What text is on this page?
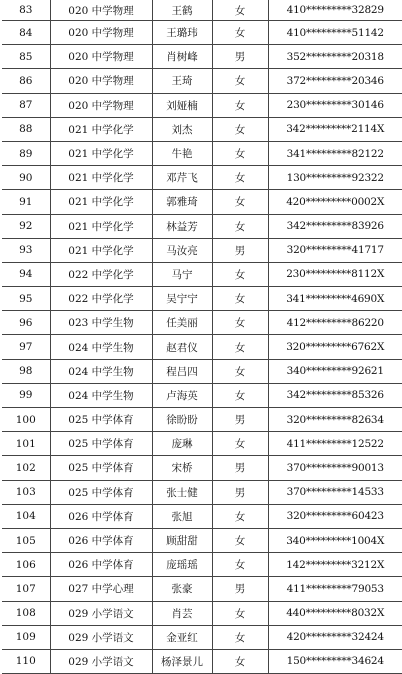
83	020 中学物理	王鹤	女	410*********32829
84	020 中学物理	王璐玮	女	410*********51142
85	020 中学物理	肖树峰	男	352*********20318
86	020 中学物理	王琦	女	372*********20346
87	020 中学物理	刘娅楠	女	230*********30146
88	021 中学化学	刘杰	女	342*********2114X
89	021 中学化学	牛艳	女	341*********82122
90	021 中学化学	邓芹飞	女	130*********92322
91	021 中学化学	郭雅琦	女	420*********0002X
92	021 中学化学	林益芳	女	342*********83926
93	021 中学化学	马汝亮	男	320*********41717
94	022 中学化学	马宁	女	230*********8112X
95	022 中学化学	吴宁宁	女	341*********4690X
96	023 中学生物	任美丽	女	412*********86220
97	024 中学生物	赵君仪	女	320*********6762X
98	024 中学生物	程吕四	女	340*********92621
99	024 中学生物	卢海英	女	342*********85326
100	025 中学体育	徐盼盼	男	320*********82634
101	025 中学体育	庞琳	女	411*********12522
102	025 中学体育	宋桥	男	370*********90013
103	025 中学体育	张士健	男	370*********14533
104	026 中学体育	张旭	女	320*********60423
105	026 中学体育	顾甜甜	女	340*********1004X
106	026 中学体育	庞瑶瑶	女	142*********3212X
107	027 中学心理	张豪	男	411*********79053
108	029 小学语文	肖芸	女	440*********8032X
109	029 小学语文	金亚红	女	420*********32424
110	029 小学语文	杨泽景儿	女	150*********34624
